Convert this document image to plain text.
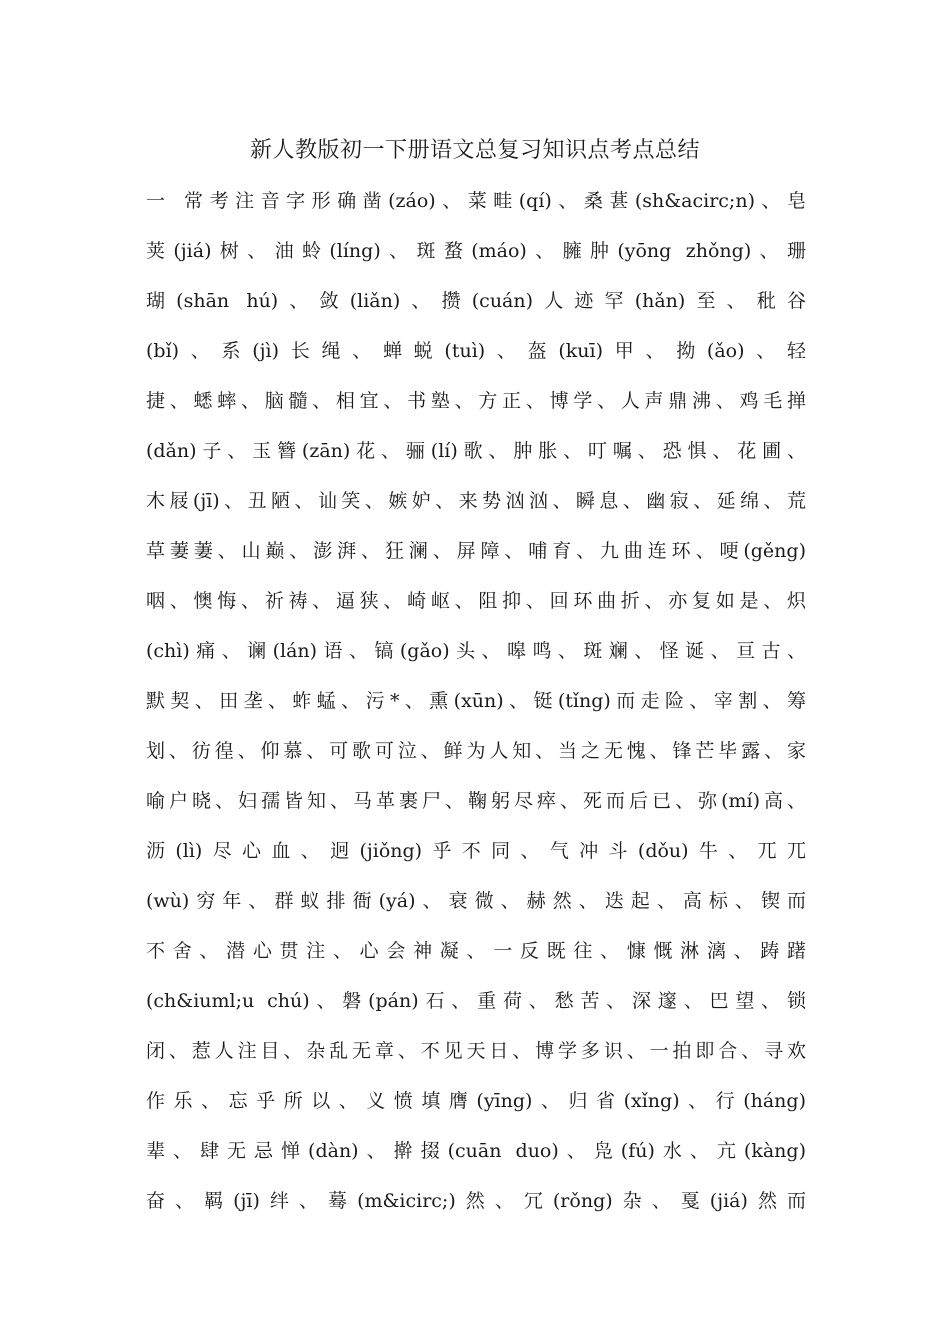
新人教版初一下册语文总复习知识点考点总结
一 常考注音字形确凿(záo)、菜畦(qí)、桑葚(sh&acirc;n)、皂
荚(jiá)树、油蛉(líng)、斑蝥(máo)、臃肿(yōng zhǒng)、珊
瑚(shān hú)、敛(liǎn)、攒(cuán)人迹罕(hǎn)至、秕谷
(bǐ)、系(jì)长绳、蝉蜕(tuì)、盔(kuī)甲、拗(ǎo)、轻
捷、蟋蟀、脑髓、相宜、书塾、方正、博学、人声鼎沸、鸡毛掸
(dǎn)子、玉簪(zān)花、骊(lí)歌、肿胀、叮嘱、恐惧、花圃、
木屐(jī)、丑陋、讪笑、嫉妒、来势汹汹、瞬息、幽寂、延绵、荒
草萋萋、山巅、澎湃、狂澜、屏障、哺育、九曲连环、哽(gěng)
咽、懊悔、祈祷、逼狭、崎岖、阻抑、回环曲折、亦复如是、炽
(chì)痛、谰(lán)语、镐(gǎo)头、嗥鸣、斑斓、怪诞、亘古、
默契、田垄、蚱蜢、污*、熏(xūn)、铤(tǐng)而走险、宰割、筹
划、彷徨、仰慕、可歌可泣、鲜为人知、当之无愧、锋芒毕露、家
喻户晓、妇孺皆知、马革裹尸、鞠躬尽瘁、死而后已、弥(mí)高、
沥(lì)尽心血、迥(jiǒng)乎不同、气冲斗(dǒu)牛、兀兀
(wù)穷年、群蚁排衙(yá)、衰微、赫然、迭起、高标、锲而
不舍、潜心贯注、心会神凝、一反既往、慷慨淋漓、踌躇
(ch&iuml;u chú)、磐(pán)石、重荷、愁苦、深邃、巴望、锁
闭、惹人注目、杂乱无章、不见天日、博学多识、一拍即合、寻欢
作乐、忘乎所以、义愤填膺(yīng)、归省(xǐng)、行(háng)
辈、肆无忌惮(dàn)、擀掇(cuān duo)、凫(fú)水、亢(kàng)
奋、羁(jī)绊、蓦(m&icirc;)然、冗(rǒng)杂、戛(jiá)然而
